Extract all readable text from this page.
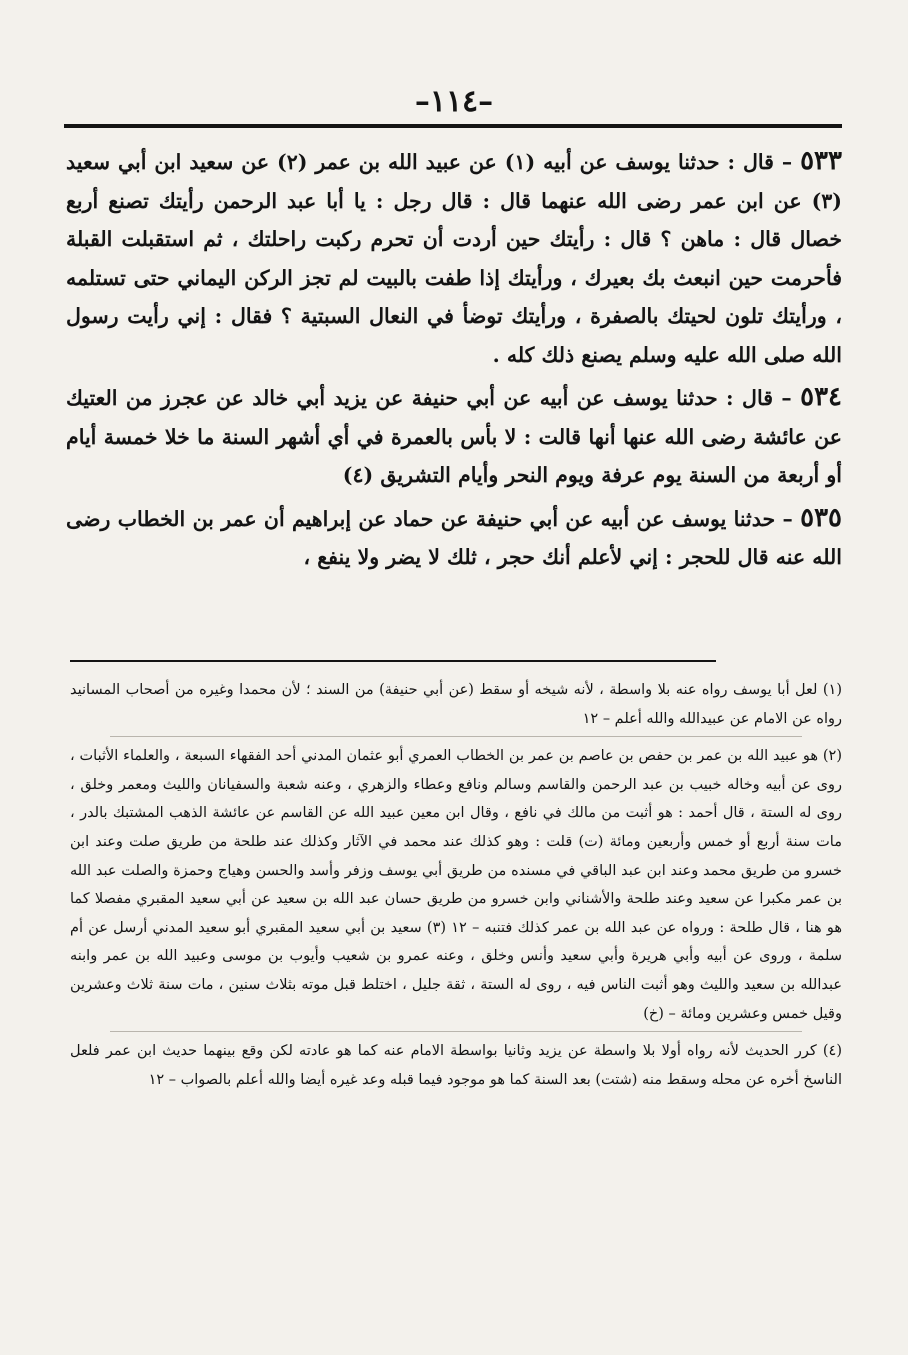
–١١٤–

٥٣٣ – قال : حدثنا يوسف عن أبيه (١) عن عبيد الله بن عمر (٢) عن سعيد ابن أبي سعيد (٣) عن ابن عمر رضى الله عنهما قال : قال رجل : يا أبا عبد الرحمن رأيتك تصنع أربع خصال قال : ماهن ؟ قال : رأيتك حين أردت أن تحرم ركبت راحلتك ، ثم استقبلت القبلة فأحرمت حين انبعث بك بعيرك ، ورأيتك إذا طفت بالبيت لم تجز الركن اليماني حتى تستلمه ، ورأيتك تلون لحيتك بالصفرة ، ورأيتك توضأ في النعال السبتية ؟ فقال : إني رأيت رسول الله صلى الله عليه وسلم يصنع ذلك كله .

٥٣٤ – قال : حدثنا يوسف عن أبيه عن أبي حنيفة عن يزيد أبي خالد عن عجرز من العتيك عن عائشة رضى الله عنها أنها قالت : لا بأس بالعمرة في أي أشهر السنة ما خلا خمسة أيام أو أربعة من السنة يوم عرفة ويوم النحر وأيام التشريق (٤)

٥٣٥ – حدثنا يوسف عن أبيه عن أبي حنيفة عن حماد عن إبراهيم أن عمر بن الخطاب رضى الله عنه قال للحجر : إني لأعلم أنك حجر ، ثلك لا يضر ولا ينفع ،

(١) لعل أبا يوسف رواه عنه بلا واسطة ، لأنه شيخه أو سقط (عن أبي حنيفة) من السند ؛ لأن محمدا وغيره من أصحاب المسانيد رواه عن الامام عن عبيدالله والله أعلم – ١٢

(٢) هو عبيد الله بن عمر بن حفص بن عاصم بن عمر بن الخطاب العمري أبو عثمان المدني أحد الفقهاء السبعة ، والعلماء الأثبات ، روى عن أبيه وخاله خبيب بن عبد الرحمن والقاسم وسالم ونافع وعطاء والزهري ، وعنه شعبة والسفيانان والليث ومعمر وخلق ، روى له الستة ، قال أحمد : هو أثبت من مالك في نافع ، وقال ابن معين عبيد الله عن القاسم عن عائشة الذهب المشتبك بالدر ، مات سنة أربع أو خمس وأربعين ومائة (ت) قلت : وهو كذلك عند محمد في الآثار وكذلك عند طلحة من طريق صلت وعند ابن خسرو من طريق محمد وعند ابن عبد الباقي في مسنده من طريق أبي يوسف وزفر وأسد والحسن وهياج وحمزة والصلت عبد الله بن عمر مكبرا عن سعيد وعند طلحة والأشناني وابن خسرو من طريق حسان عبد الله بن سعيد عن أبي سعيد المقبري مفصلا كما هو هنا ، قال طلحة : ورواه عن عبد الله بن عمر كذلك فتنبه – ١٢ (٣) سعيد بن أبي سعيد المقبري أبو سعيد المدني أرسل عن أم سلمة ، وروى عن أبيه وأبي هريرة وأبي سعيد وأنس وخلق ، وعنه عمرو بن شعيب وأيوب بن موسى وعبيد الله بن عمر وابنه عبدالله بن سعيد والليث وهو أثبت الناس فيه ، روى له الستة ، ثقة جليل ، اختلط قبل موته بثلاث سنين ، مات سنة ثلاث وعشرين وقيل خمس وعشرين ومائة – (خ)

(٤) كرر الحديث لأنه رواه أولا بلا واسطة عن يزيد وثانيا بواسطة الامام عنه كما هو عادته لكن وقع بينهما حديث ابن عمر فلعل الناسخ أخره عن محله وسقط منه (شتت) بعد السنة كما هو موجود فيما قبله وعد غيره أيضا والله أعلم بالصواب – ١٢
